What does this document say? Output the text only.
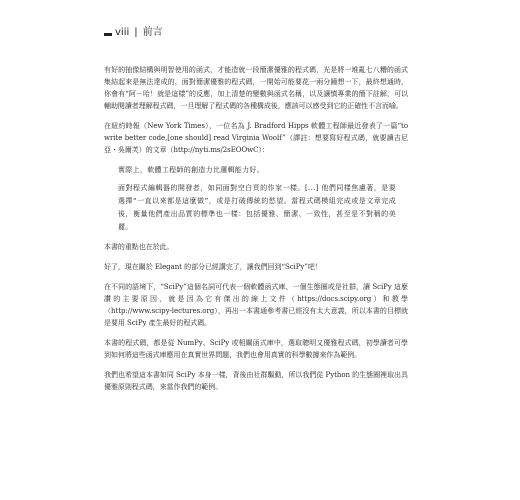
viii | 前言

有好的抽像結構與明智使用的函式，才能造就一段簡潔優雅的程式碼，光是將一堆亂七八糟的函式集結起來是無法達成的，面對簡潔優雅的程式碼，一開始可能要花一兩分鐘想一下，最終想通時，你會有“阿－哈！就是這樣”的反應，加上清楚的變數與函式名稱，以及讓慎專業的簡下註解，可以輔助閱讀者理解程式碼，一旦理解了程式碼的各種構成後，應該可以感受到它的正確性不言而喻。

在紐約時報（New York Times），一位名為 J. Bradford Hipps 軟體工程師最近發表了一篇“to write better code,[one should] read Virginia Woolf”（譯註：想要寫好程式碼，就要讀吉尼亞・吳爾芙）的文章（http://nyti.ms/2sEOOwC）：

實際上，軟體工程師的創造力比邏輯能力好。

面對程式編輯器的開發者，如同面對空白頁的作家一樣。[...] 他們同樣焦慮著，是要選擇“一直以來都是這麼做”，或是打破傳統的慾望。當程式碼模組完成或是文章完成後，衡量他們產出品質的標準也一樣：包括優雅、簡潔、一致性，甚至是不對稱的美麗。

本書的重點也在於此。

好了，現在關於 Elegant 的部分已經講完了，讓我們回到“SciPy”吧！

在不同的語境下，“SciPy”這個名詞可代表一個軟體函式庫、一個生態圈或是社群，讓 SciPy 這麼讚的主要原因，就是因為它有傑出的線上文件（https://docs.scipy.org）和教學（http://www.scipy-lectures.org），再出一本書通參考書已經沒有太大意義，所以本書的目標就是要用 SciPy 產生最好的程式碼。

本書的程式碼，都是從 NumPy、SciPy 或相關函式庫中，選取聰明又優雅程式碼，初學讀者可學到如何將這些函式庫應用在真實世界問題，我們也會用真實的科學數據來作為範例。

我們也希望這本書如同 SciPy 本身一樣，背後由社群驅動，所以我們從 Python 的生態圈裡取出具優雅原則程式碼，來當作我們的範例。
